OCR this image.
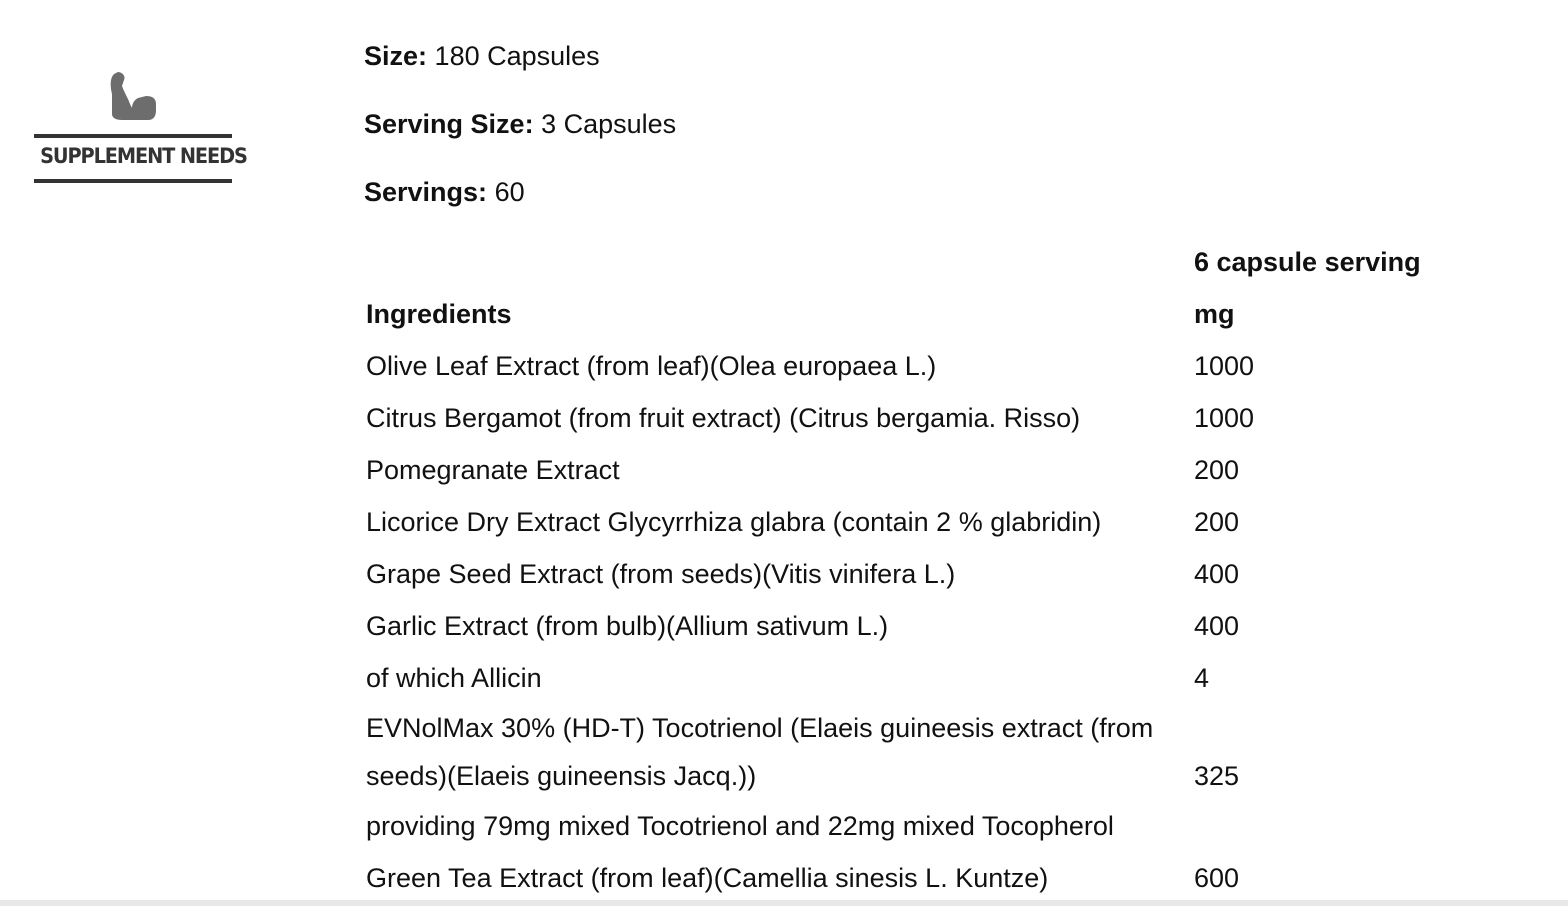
SUPPLEMENT NEEDS
Size: 180 Capsules
Serving Size: 3 Capsules
Servings: 60
	6 capsule serving
Ingredients	mg
Olive Leaf Extract (from leaf)(Olea europaea L.)	1000
Citrus Bergamot (from fruit extract) (Citrus bergamia. Risso)	1000
Pomegranate Extract	200
Licorice Dry Extract Glycyrrhiza glabra (contain 2 % glabridin)	200
Grape Seed Extract (from seeds)(Vitis vinifera L.)	400
Garlic Extract (from bulb)(Allium sativum L.)	400
of which Allicin	4

EVNolMax 30% (HD-T) Tocotrienol (Elaeis guineesis extract (from
seeds)(Elaeis guineensis Jacq.))	325
providing 79mg mixed Tocotrienol and 22mg mixed Tocopherol	
Green Tea Extract (from leaf)(Camellia sinesis L. Kuntze)	600
